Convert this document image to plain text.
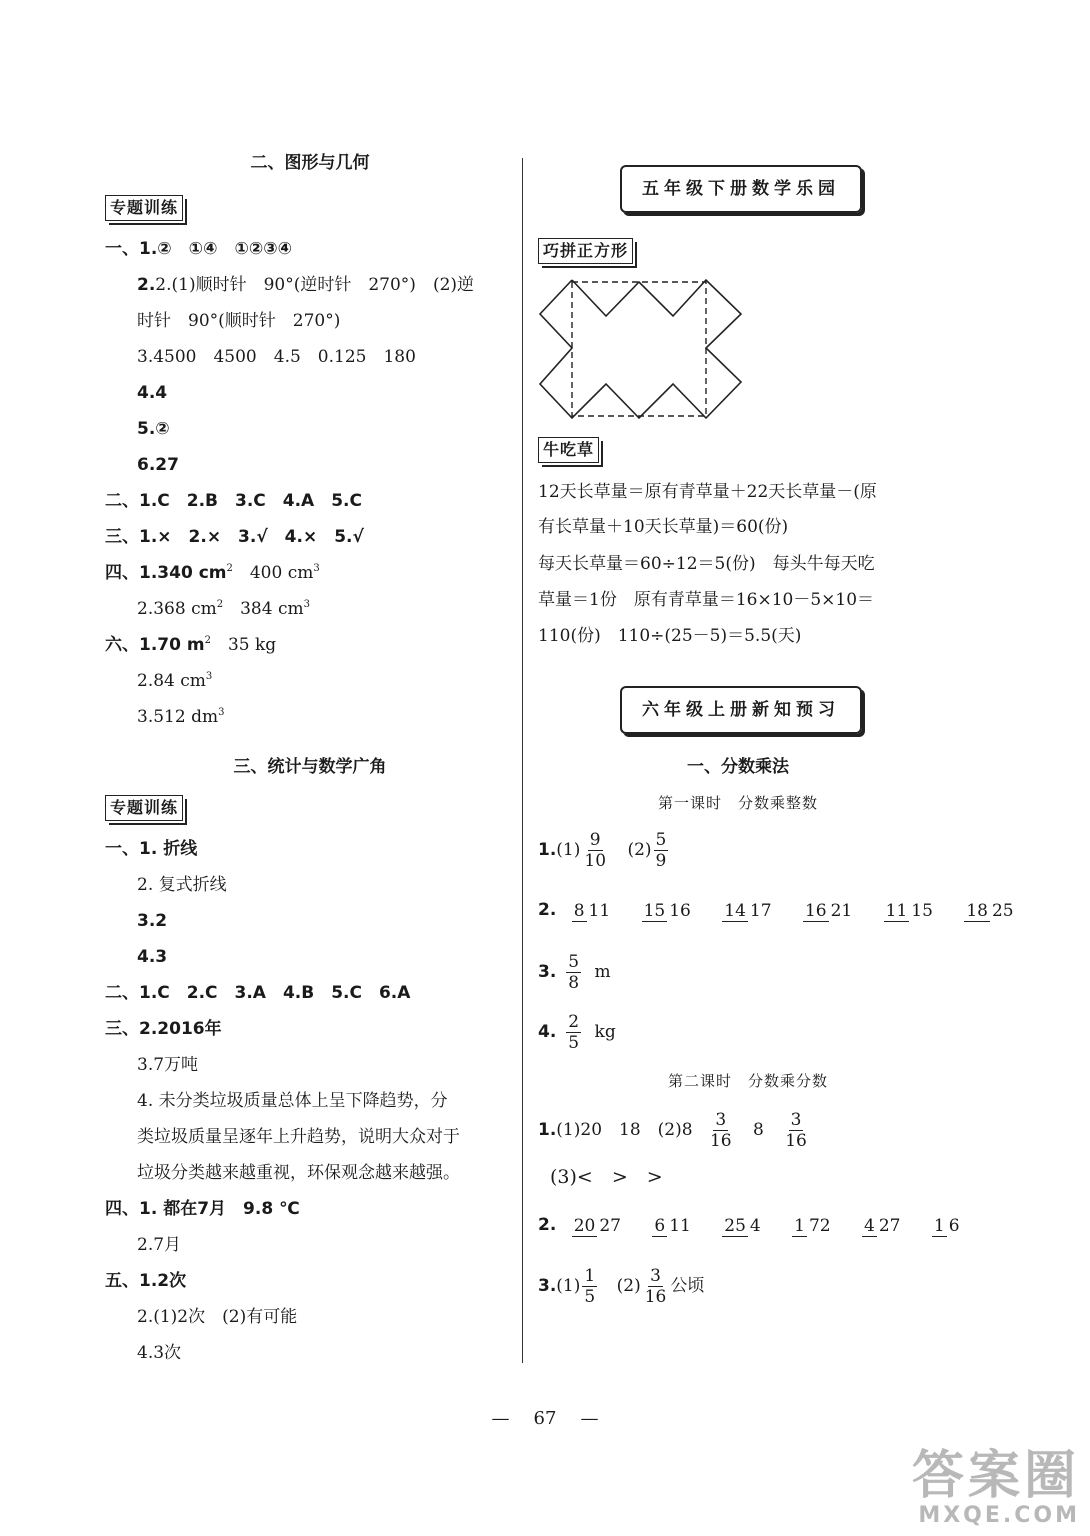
二、图形与几何
专题训练
一、1.②　①④　①②③④
2.2.(1)顺时针　90°(逆时针　270°)　(2)逆
时针　90°(顺时针　270°)
3.4500　4500　4.5　0.125　180
4.4
5.②
6.27
二、1.C　2.B　3.C　4.A　5.C
三、1.×　2.×　3.√　4.×　5.√
四、1.340 $cm^2$　400 $cm^3$
2.368 $cm^2$　384 $cm^3$
六、1.70 $m^2$　35 kg
2.84 $cm^3$
3.512 $dm^3$
三、统计与数学广角
专题训练
一、1. 折线
2. 复式折线
3.2
4.3
二、1.C　2.C　3.A　4.B　5.C　6.A
三、2.2016年
3.7万吨
4. 未分类垃圾质量总体上呈下降趋势，分
类垃圾质量呈逐年上升趋势，说明大众对于
垃圾分类越来越重视，环保观念越来越强。
四、1. 都在7月　9.8 ℃
2.7月
五、1.2次
2.(1)2次　(2)有可能
4.3次
五年级下册数学乐园
巧拼正方形
牛吃草
12天长草量＝原有青草量＋22天长草量－(原
有长草量＋10天长草量)＝60(份)
每天长草量＝60÷12＝5(份)　每头牛每天吃
草量＝1份　原有青草量＝16×10－5×10＝
110(份)　110÷(25－5)＝5.5(天)
六年级上册新知预习
一、分数乘法
第一课时　分数乘整数
$1.(1) \frac{9}{10} (2) \frac{5}{9}$
2. 8 11 15 16 14 17 16 21 11 15 18 25
3. $\frac{5}{8}$ m
4. $\frac{2}{5}$ kg
第二课时　分数乘分数
1.(1)20　18　$(2)8 \frac{3}{16} 8 \frac{3}{16}$
(3)<　>　>
2. 20 27 6 11 25 4 1 72 4 27 1 6
$3.(1) \frac{1}{5} (2) \frac{3}{16}$ 公顷
— 67 —
答案圈
MXQE.COM
